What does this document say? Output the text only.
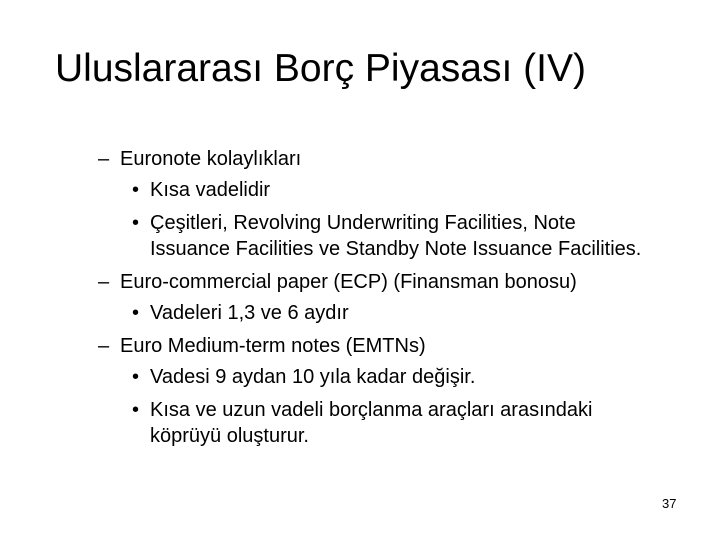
Uluslararası Borç Piyasası (IV)
– Euronote kolaylıkları
• Kısa vadelidir
• Çeşitleri, Revolving Underwriting Facilities, Note Issuance Facilities ve Standby Note Issuance Facilities.
– Euro-commercial paper (ECP) (Finansman bonosu)
• Vadeleri 1,3 ve 6 aydır
– Euro Medium-term notes (EMTNs)
• Vadesi 9 aydan 10 yıla kadar değişir.
• Kısa ve uzun vadeli borçlanma araçları arasındaki köprüyü oluşturur.
37
